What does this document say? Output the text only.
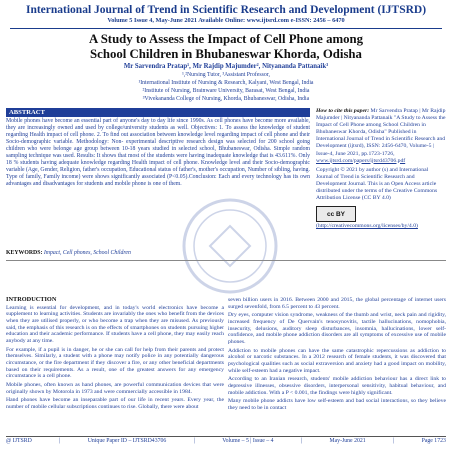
International Journal of Trend in Scientific Research and Development (IJTSRD)
Volume 5 Issue 4, May-June 2021 Available Online: www.ijtsrd.com e-ISSN: 2456 – 6470
A Study to Assess the Impact of Cell Phone among
School Children in Bhubaneswar Khorda, Odisha
Mr Sarvendra Pratap¹, Mr Rajdip Majumder², Nityananda Pattanaik³
¹,²Nursing Tutor, ³Assistant Professor,
¹International Institute of Nursing & Research, Kalyani, West Bengal, India
²Institute of Nursing, Brainware University, Barasat, West Bengal, India
³Vivekananda College of Nursing, Khorda, Bhubaneswar, Odisha, India
ABSTRACT
Mobile phones have become an essential part of anyone's day to day life since 1990s. As cell phones have become more available, they are increasingly owned and used by college/university students as well. Objectives: 1. To assess the knowledge of student regarding Health impact of cell phone. 2. To find out association between knowledge level regarding impact of cell phone and their Socio-demographic variable. Methodology: Non- experimental descriptive research design was selected for 200 school going children who were belonge age group between 10-18 years studied in selected school, Bhubaneswar, Odisha. Simple random sampling technique was used. Results: It shows that most of the students were having inadequate knowledge that is 43.611%. Only 18 % students having adequate knowledge regarding Health impact of cell phone. Knowledge level and their Socio-demographic variable (Age, Gender, Religion, father's occupation, Educational status of father's, mother's occupation, Number of sibling, having. Type of family, Family income) were shows significantly associated (P<0.05).Conclusion: Each and every technology has its own advantages and disadvantages for students and mobile phone is one of them.
KEYWORDS: Impact, Cell phones, School Children

How to cite this paper: Mr Sarvendra Pratap | Mr Rajdip Majumder | Nityananda Pattanaik "A Study to Assess the Impact of Cell Phone among School Children in Bhubaneswar Khorda, Odisha" Published in International Journal of Trend in Scientific Research and Development (ijtsrd), ISSN: 2456-6470, Volume-5 | Issue-4, June 2021, pp.1723-1726, www.ijtsrd.com/papers/ijtsrd43706.pdf

Copyright © 2021 by author (s) and International Journal of Trend in Scientific Research and Development Journal. This is an Open Access article distributed under the terms of the Creative Commons Attribution License (CC BY 4.0)

cc BY
(http://creativecommons.org/licenses/by/4.0)
INTRODUCTION

Learning is essential for development, and in today's world electronics have become a supplement to learning activities. Students are invariably the ones who benefit from the devices when they are utilised properly, or who become a trap when they are misused. As previously said, the emphasis of this research is on the effects of smartphones on students pursuing higher education and their academic performance. If students have a cell phone, they may easily reach anybody at any time.

For example, if a pupil is in danger, he or she can call for help from their parents and protect themselves. Similarly, a student with a phone may notify police in any potentially dangerous circumstance, or the fire department if they discover a fire, or any other beneficial departments based on their requirements. As a result, one of the greatest answers for any emergency circumstance is a cell phone.

Mobile phones, often known as hand phones, are powerful communication devices that were originally shown by Motorola in 1973 and were commercially accessible in 1984.

Hand phones have become an inseparable part of our life in recent years. Every year, the number of mobile cellular subscriptions continues to rise. Globally, there were about

seven billion users in 2016. Between 2000 and 2015, the global percentage of internet users surged sevenfold, from 6.5 percent to 43 percent.

Dry eyes, computer vision syndrome, weakness of the thumb and wrist, neck pain and rigidity, increased frequency of De Quervain's tenosynovitis, tactile hallucinations, nomophobia, insecurity, delusions, auditory sleep disturbances, insomnia, hallucinations, lower self-confidence, and mobile phone addiction disorders are all symptoms of excessive use of mobile phones.

Addiction to mobile phones can have the same catastrophic repercussions as addiction to alcohol or narcotic substances. In a 2012 research of female students, it was discovered that psychological qualities such as social extraversion and anxiety had a good impact on mobility, while self-esteem had a negative impact.

According to an Iranian research, students' mobile addiction behaviour has a direct link to depressive illnesses, obsessive disorders, interpersonal sensitivity, habitual behaviour, and mobile addiction. With a P < 0.001, the findings were highly significant.

Many mobile phone addicts have low self-esteem and bad social interactions, so they believe they need to be in contact

@ IJTSRD	|	Unique Paper ID – IJTSRD43706	|	Volume – 5 | Issue – 4	|	May-June 2021	|	Page 1723
